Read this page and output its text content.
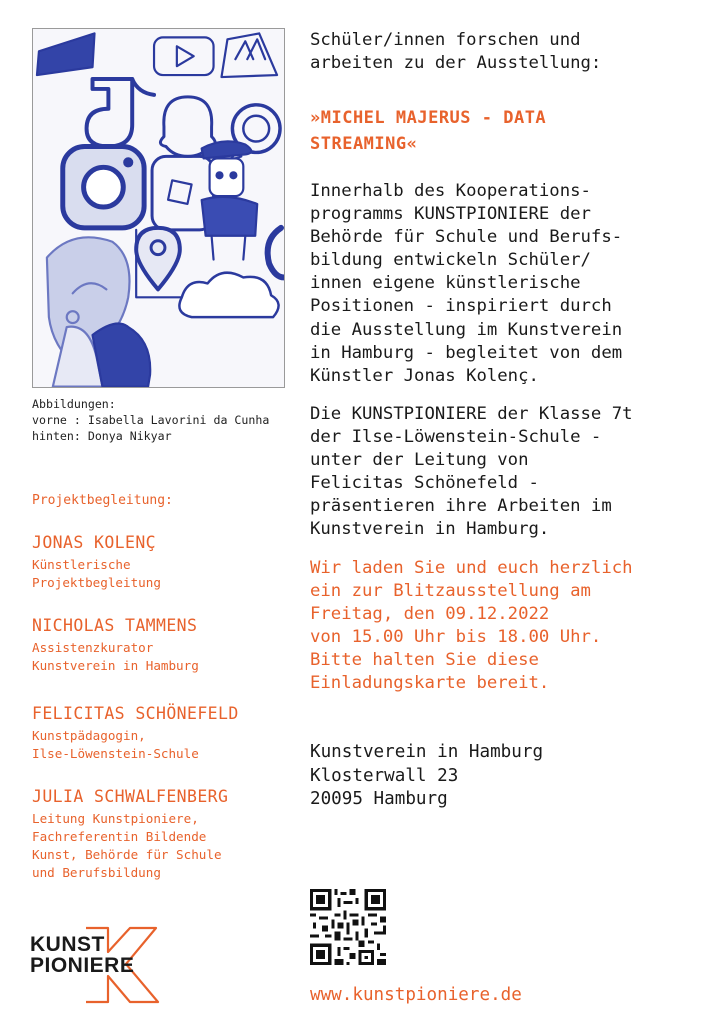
Abbildungen:
vorne : Isabella Lavorini da Cunha
hinten: Donya Nikyar
Projektbegleitung:
JONAS KOLENÇ
Künstlerische
Projektbegleitung
NICHOLAS TAMMENS
Assistenzkurator
Kunstverein in Hamburg
FELICITAS SCHÖNEFELD
Kunstpädagogin,
Ilse-Löwenstein-Schule
JULIA SCHWALFENBERG
Leitung Kunstpioniere,
Fachreferentin Bildende
Kunst, Behörde für Schule
und Berufsbildung
KUNST
PIONIERE
Schüler/innen forschen und
arbeiten zu der Ausstellung:
»MICHEL MAJERUS - DATA
STREAMING«
Innerhalb des Kooperations-
programms KUNSTPIONIERE der
Behörde für Schule und Berufs-
bildung entwickeln Schüler/
innen eigene künstlerische
Positionen - inspiriert durch
die Ausstellung im Kunstverein
in Hamburg - begleitet von dem
Künstler Jonas Kolenç.
Die KUNSTPIONIERE der Klasse 7t
der Ilse-Löwenstein-Schule -
unter der Leitung von
Felicitas Schönefeld -
präsentieren ihre Arbeiten im
Kunstverein in Hamburg.
Wir laden Sie und euch herzlich
ein zur Blitzausstellung am
Freitag, den 09.12.2022
von 15.00 Uhr bis 18.00 Uhr.
Bitte halten Sie diese
Einladungskarte bereit.
Kunstverein in Hamburg
Klosterwall 23
20095 Hamburg
www.kunstpioniere.de
